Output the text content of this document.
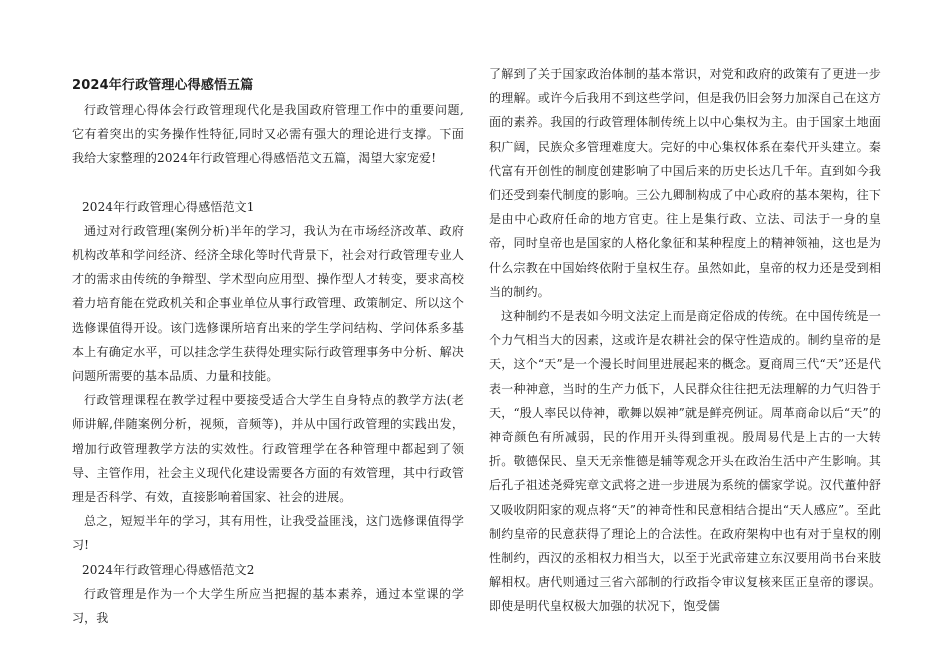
2024年行政管理心得感悟五篇

行政管理心得体会行政管理现代化是我国政府管理工作中的重要问题,它有着突出的实务操作性特征,同时又必需有强大的理论进行支撑。下面我给大家整理的2024年行政管理心得感悟范文五篇，渴望大家宠爱!

2024年行政管理心得感悟范文1

通过对行政管理(案例分析)半年的学习，我认为在市场经济改革、政府机构改革和学问经济、经济全球化等时代背景下，社会对行政管理专业人才的需求由传统的争辩型、学术型向应用型、操作型人才转变，要求高校着力培育能在党政机关和企事业单位从事行政管理、政策制定、所以这个选修课值得开设。该门选修课所培育出来的学生学问结构、学问体系多基本上有确定水平，可以挂念学生获得处理实际行政管理事务中分析、解决问题所需要的基本品质、力量和技能。

行政管理课程在教学过程中要接受适合大学生自身特点的教学方法(老师讲解,伴随案例分析，视频，音频等)，并从中国行政管理的实践出发，增加行政管理教学方法的实效性。行政管理学在各种管理中都起到了领导、主管作用，社会主义现代化建设需要各方面的有效管理，其中行政管理是否科学、有效，直接影响着国家、社会的进展。

总之，短短半年的学习，其有用性，让我受益匪浅，这门选修课值得学习!

2024年行政管理心得感悟范文2

行政管理是作为一个大学生所应当把握的基本素养，通过本堂课的学习，我

了解到了关于国家政治体制的基本常识，对党和政府的政策有了更进一步的理解。或许今后我用不到这些学问，但是我仍旧会努力加深自己在这方面的素养。我国的行政管理体制传统上以中心集权为主。由于国家土地面积广阔，民族众多管理难度大。完好的中心集权体系在秦代开头建立。秦代富有开创性的制度创建影响了中国后来的历史长达几千年。直到如今我们还受到秦代制度的影响。三公九卿制构成了中心政府的基本架构，往下是由中心政府任命的地方官吏。往上是集行政、立法、司法于一身的皇帝，同时皇帝也是国家的人格化象征和某种程度上的精神领袖，这也是为什么宗教在中国始终依附于皇权生存。虽然如此，皇帝的权力还是受到相当的制约。

这种制约不是表如今明文法定上而是商定俗成的传统。在中国传统是一个力气相当大的因素，这或许是农耕社会的保守性造成的。制约皇帝的是天，这个“天”是一个漫长时间里进展起来的概念。夏商周三代“天”还是代表一种神意，当时的生产力低下，人民群众往往把无法理解的力气归咎于天，“殷人率民以侍神，歌舞以娱神”就是鲜亮例证。周革商命以后“天”的神奇颜色有所减弱，民的作用开头得到重视。殷周易代是上古的一大转折。敬德保民、皇天无亲惟德是辅等观念开头在政治生活中产生影响。其后孔子祖述尧舜宪章文武将之进一步进展为系统的儒家学说。汉代董仲舒又吸收阴阳家的观点将“天”的神奇性和民意相结合提出“天人感应”。至此制约皇帝的民意获得了理论上的合法性。在政府架构中也有对于皇权的刚性制约，西汉的丞相权力相当大，以至于光武帝建立东汉要用尚书台来肢解相权。唐代则通过三省六部制的行政指令审议复核来匡正皇帝的谬误。即使是明代皇权极大加强的状况下，饱受儒
